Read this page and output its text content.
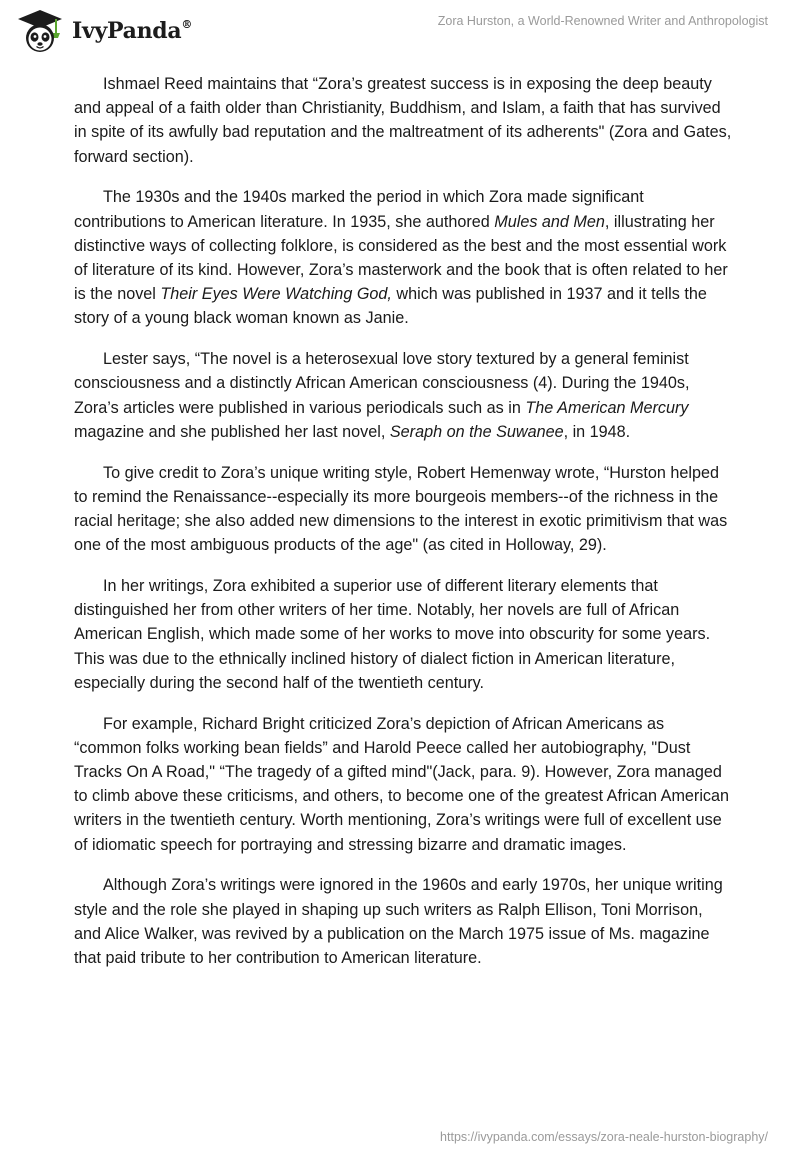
IvyPanda®	Zora Hurston, a World-Renowned Writer and Anthropologist

Ishmael Reed maintains that “Zora’s greatest success is in exposing the deep beauty and appeal of a faith older than Christianity, Buddhism, and Islam, a faith that has survived in spite of its awfully bad reputation and the maltreatment of its adherents" (Zora and Gates, forward section).

The 1930s and the 1940s marked the period in which Zora made significant contributions to American literature. In 1935, she authored Mules and Men, illustrating her distinctive ways of collecting folklore, is considered as the best and the most essential work of literature of its kind. However, Zora’s masterwork and the book that is often related to her is the novel Their Eyes Were Watching God, which was published in 1937 and it tells the story of a young black woman known as Janie.

Lester says, “The novel is a heterosexual love story textured by a general feminist consciousness and a distinctly African American consciousness (4). During the 1940s, Zora’s articles were published in various periodicals such as in The American Mercury magazine and she published her last novel, Seraph on the Suwanee, in 1948.

To give credit to Zora’s unique writing style, Robert Hemenway wrote, “Hurston helped to remind the Renaissance--especially its more bourgeois members--of the richness in the racial heritage; she also added new dimensions to the interest in exotic primitivism that was one of the most ambiguous products of the age" (as cited in Holloway, 29).

In her writings, Zora exhibited a superior use of different literary elements that distinguished her from other writers of her time. Notably, her novels are full of African American English, which made some of her works to move into obscurity for some years. This was due to the ethnically inclined history of dialect fiction in American literature, especially during the second half of the twentieth century.

For example, Richard Bright criticized Zora’s depiction of African Americans as “common folks working bean fields” and Harold Peece called her autobiography, "Dust Tracks On A Road," “The tragedy of a gifted mind"(Jack, para. 9). However, Zora managed to climb above these criticisms, and others, to become one of the greatest African American writers in the twentieth century. Worth mentioning, Zora’s writings were full of excellent use of idiomatic speech for portraying and stressing bizarre and dramatic images.

Although Zora’s writings were ignored in the 1960s and early 1970s, her unique writing style and the role she played in shaping up such writers as Ralph Ellison, Toni Morrison, and Alice Walker, was revived by a publication on the March 1975 issue of Ms. magazine that paid tribute to her contribution to American literature.

https://ivypanda.com/essays/zora-neale-hurston-biography/
